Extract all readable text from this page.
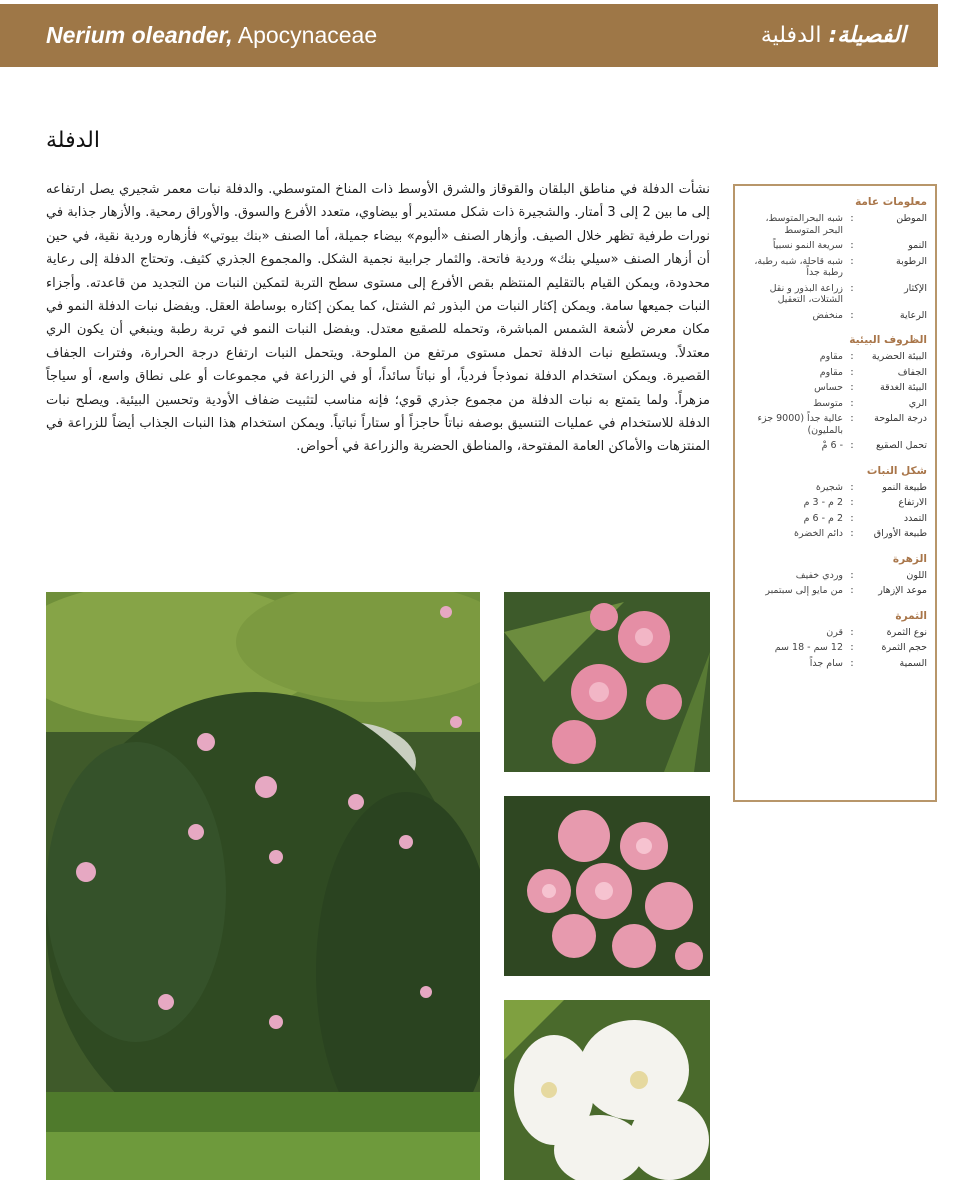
Nerium oleander, Apocynaceae	الفصيلة: الدفلية
الدفلة

نشأت الدفلة في مناطق البلقان والقوقاز والشرق الأوسط ذات المناخ المتوسطي. والدفلة نبات معمر شجيري يصل ارتفاعه إلى ما بين 2 إلى 3 أمتار. والشجيرة ذات شكل مستدير أو بيضاوي، متعدد الأفرع والسوق. والأوراق رمحية. والأزهار جذابة في نورات طرفية تظهر خلال الصيف. وأزهار الصنف «ألبوم» بيضاء جميلة، أما الصنف «بنك بيوتي» فأزهاره وردية نقية، في حين أن أزهار الصنف «سيلي بنك» وردية فاتحة. والثمار جرابية نجمية الشكل. والمجموع الجذري كثيف. وتحتاج الدفلة إلى رعاية محدودة، ويمكن القيام بالتقليم المنتظم بقص الأفرع إلى مستوى سطح التربة لتمكين النبات من التجديد من قاعدته. وأجزاء النبات جميعها سامة. ويمكن إكثار النبات من البذور ثم الشتل، كما يمكن إكثاره بوساطة العقل. ويفضل نبات الدفلة النمو في مكان معرض لأشعة الشمس المباشرة، وتحمله للصقيع معتدل. ويفضل النبات النمو في تربة رطبة وينبغي أن يكون الري معتدلاً. ويستطيع نبات الدفلة تحمل مستوى مرتفع من الملوحة. ويتحمل النبات ارتفاع درجة الحرارة، وفترات الجفاف القصيرة. ويمكن استخدام الدفلة نموذجاً فردياً، أو نباتاً سائداً، أو في الزراعة في مجموعات أو على نطاق واسع، أو سياجاً مزهراً. ولما يتمتع به نبات الدفلة من مجموع جذري قوي؛ فإنه مناسب لتثبيت ضفاف الأودية وتحسين البيئية. ويصلح نبات الدفلة للاستخدام في عمليات التنسيق بوصفه نباتاً حاجزاً أو ستاراً نباتياً. ويمكن استخدام هذا النبات الجذاب أيضاً للزراعة في المنتزهات والأماكن العامة المفتوحة، والمناطق الحضرية والزراعة في أحواض.

معلومات عامة
الموطن
:
شبه البحرالمتوسط، البحر المتوسط
النمو
:
سريعة النمو نسبياً
الرطوبة
:
شبه قاحلة، شبه رطبة، رطبة جداً
الإكثار
:
زراعة البذور و نقل الشتلات، التعقيل
الرعاية
:
منخفض
الظروف البيئية
البيئة الحضرية
:
مقاوم
الجفاف
:
مقاوم
البيئة الغدقة
:
حساس
الري
:
متوسط
درجة الملوحة
:
عالية جداً (9000 جزء بالمليون)
تحمل الصقيع
:
- 6 مْ
شكل النبات
طبيعة النمو
:
شجيرة
الارتفاع
:
2 م - 3 م
التمدد
:
2 م - 6 م
طبيعة الأوراق
:
دائم الخضرة
الزهرة
اللون
:
وردي خفيف
موعد الإزهار
:
من مايو إلى سبتمبر
الثمرة
نوع الثمرة
:
قرن
حجم الثمرة
:
12 سم - 18 سم
السمية
:
سام جداً
